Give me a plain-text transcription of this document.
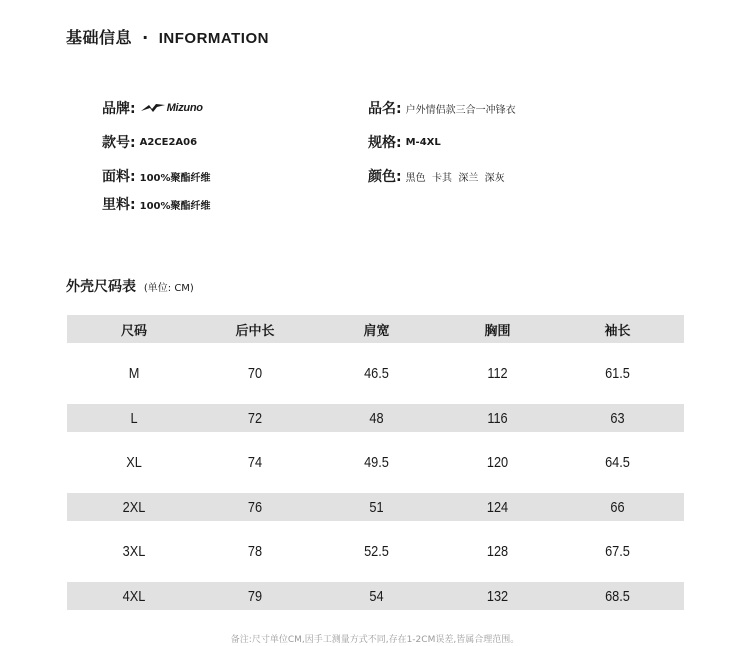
基础信息 · INFORMATION
品牌:	Mizuno
款号: A2CE2A06
面料: 100%聚酯纤维
里料: 100%聚酯纤维
品名: 户外情侣款三合一冲锋衣
规格: M-4XL
颜色: 黑色  卡其  深兰  深灰
外壳尺码表 (单位: CM)
尺码	后中长	肩宽	胸围	袖长
M	70	46.5	112	61.5
L	72	48	116	63
XL	74	49.5	120	64.5
2XL	76	51	124	66
3XL	78	52.5	128	67.5
4XL	79	54	132	68.5
备注:尺寸单位CM,因手工测量方式不同,存在1-2CM误差,皆属合理范围。
